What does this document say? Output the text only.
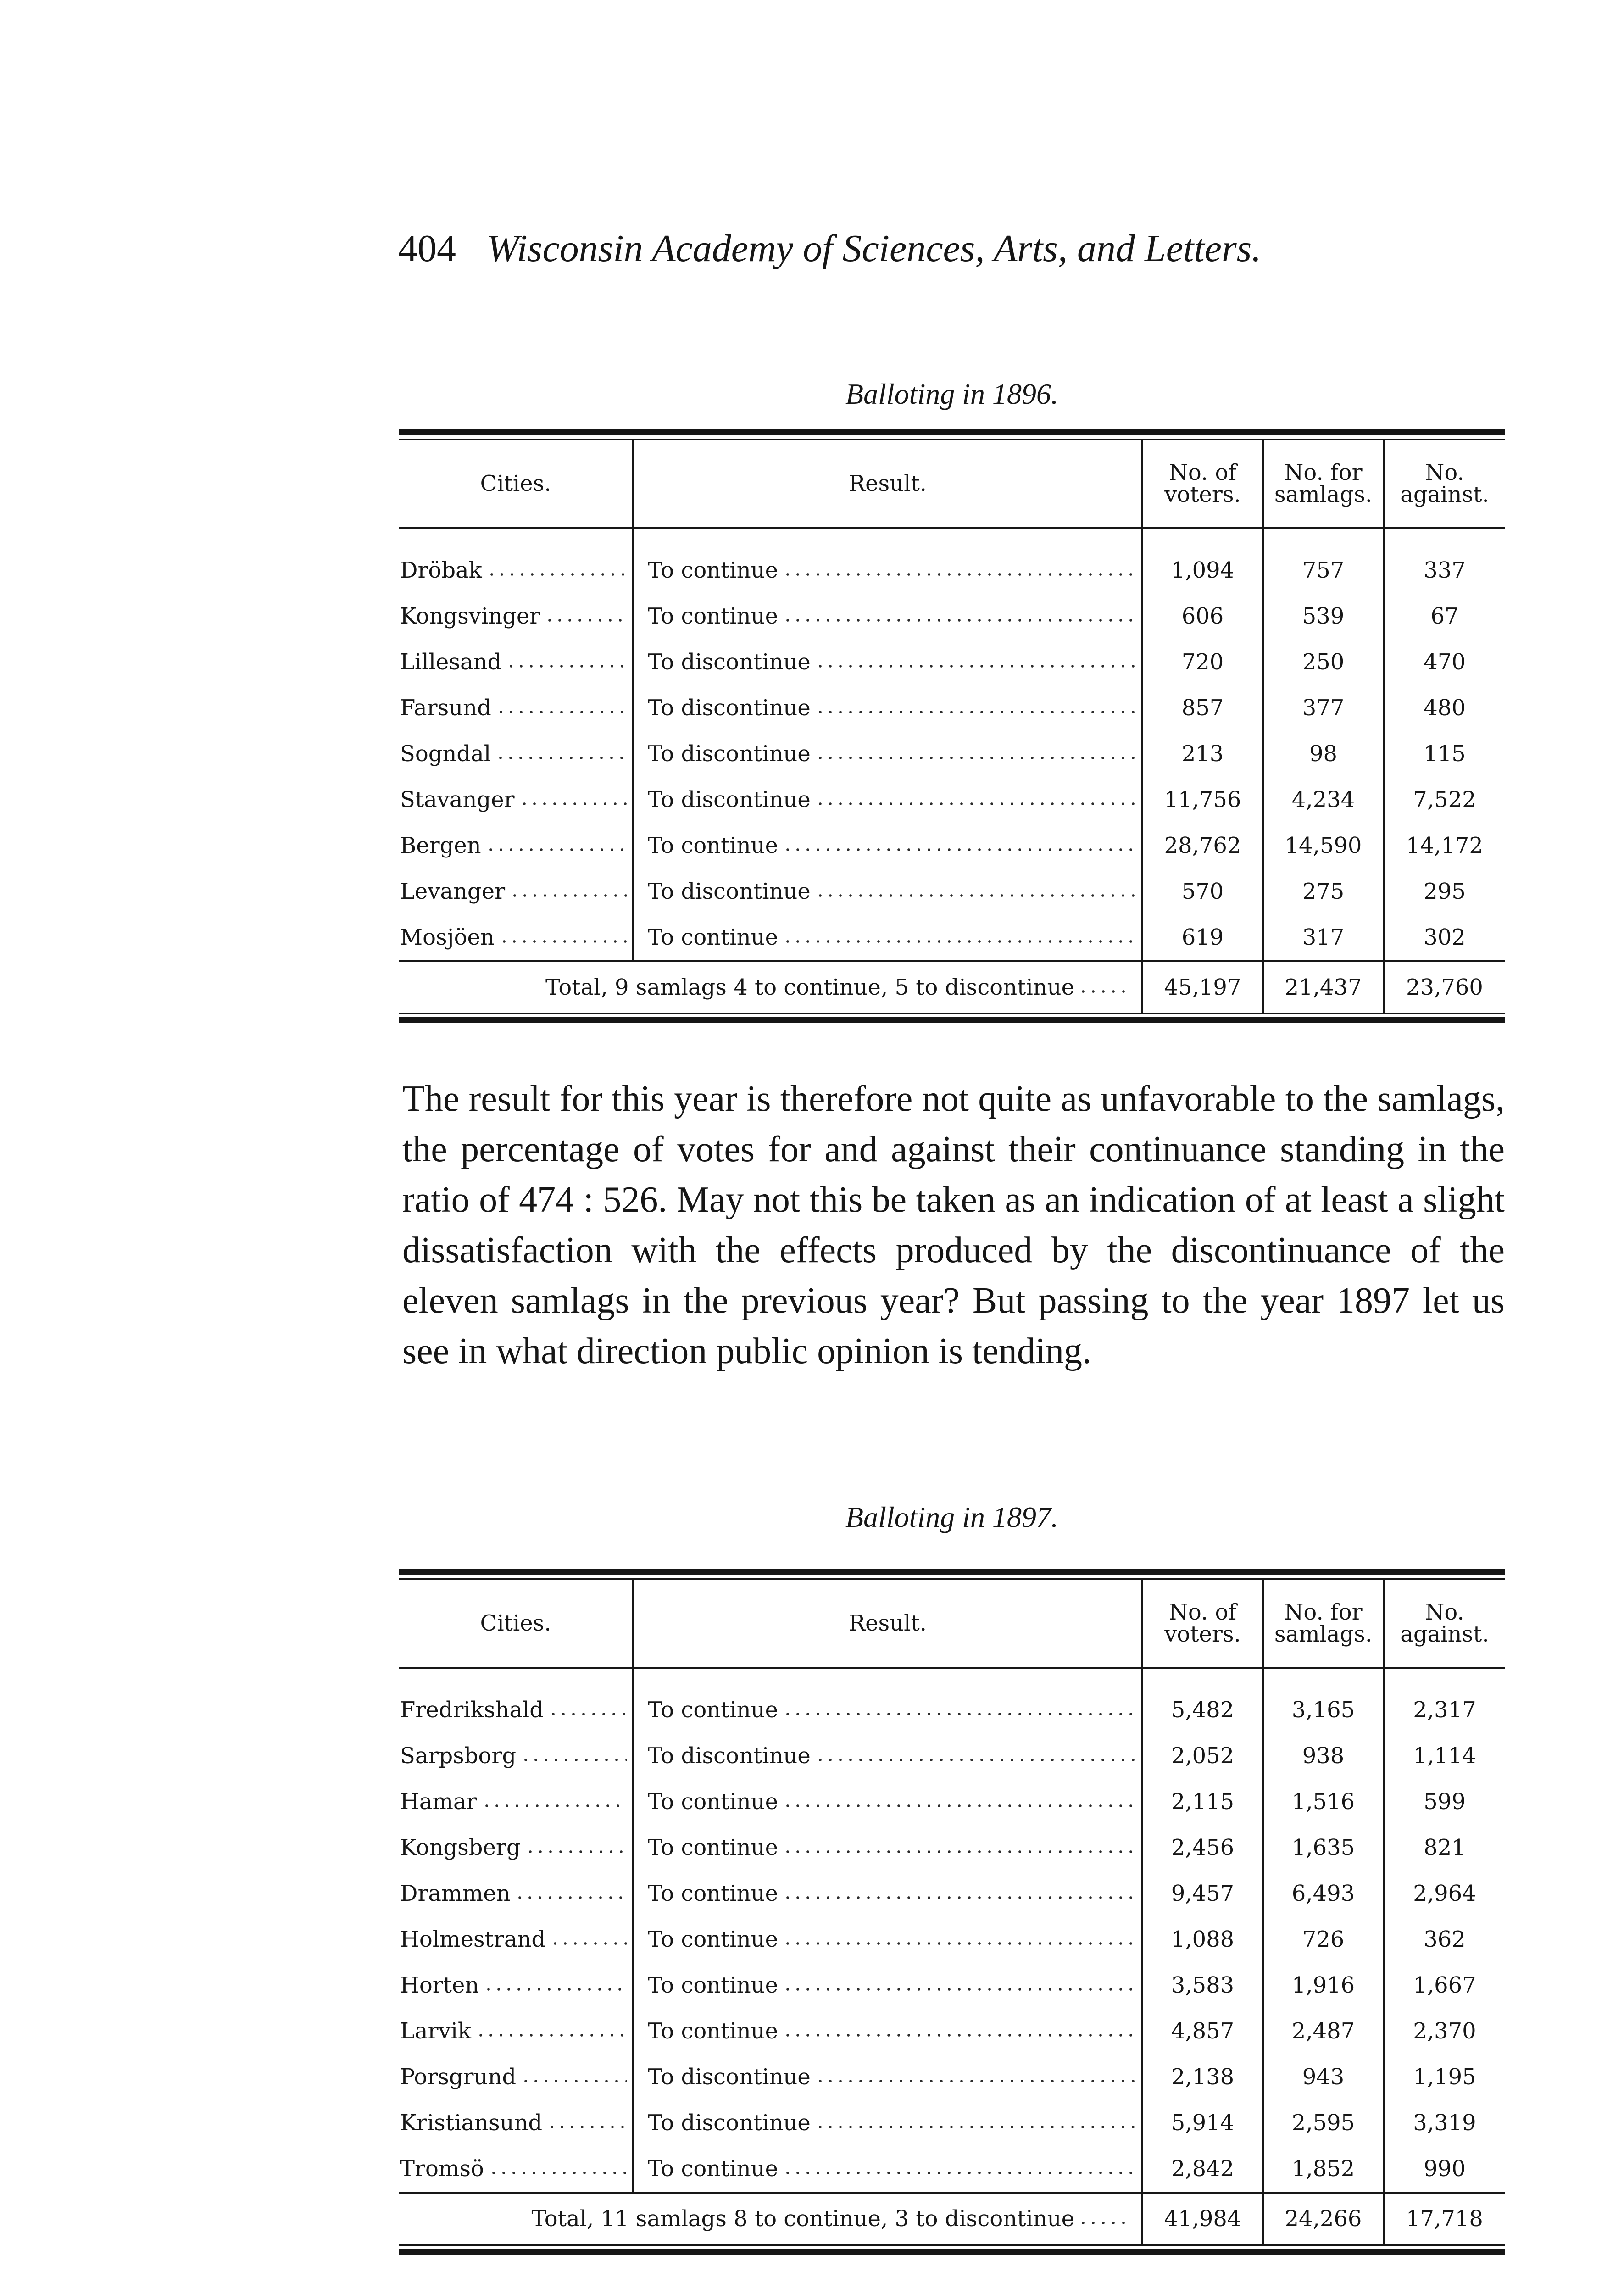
404 Wisconsin Academy of Sciences, Arts, and Letters.
Balloting in 1896.
Cities.	Result.	No. of voters.	No. for samlags.	No. against.

Dröbak	To continue	1,094	757	337

Kongsvinger	To continue	606	539	67

Lillesand	To discontinue	720	250	470

Farsund	To discontinue	857	377	480

Sogndal	To discontinue	213	98	115

Stavanger	To discontinue	11,756	4,234	7,522

Bergen	To continue	28,762	14,590	14,172

Levanger	To discontinue	570	275	295

Mosjöen	To continue	619	317	302
Total, 9 samlags 4 to continue, 5 to discontinue		45,197	21,437	23,760

The result for this year is therefore not quite as unfavorable to the samlags, the percentage of votes for and against their continuance standing in the ratio of 474 : 526. May not this be taken as an indication of at least a slight dissatisfaction with the effects produced by the discontinuance of the eleven samlags in the previous year? But passing to the year 1897 let us see in what direction public opinion is tending.

Balloting in 1897.
Cities.	Result.	No. of voters.	No. for samlags.	No. against.

Fredrikshald	To continue	5,482	3,165	2,317

Sarpsborg	To discontinue	2,052	938	1,114

Hamar	To continue	2,115	1,516	599

Kongsberg	To continue	2,456	1,635	821

Drammen	To continue	9,457	6,493	2,964

Holmestrand	To continue	1,088	726	362

Horten	To continue	3,583	1,916	1,667

Larvik	To continue	4,857	2,487	2,370

Porsgrund	To discontinue	2,138	943	1,195

Kristiansund	To discontinue	5,914	2,595	3,319

Tromsö	To continue	2,842	1,852	990
Total, 11 samlags 8 to continue, 3 to discontinue		41,984	24,266	17,718
